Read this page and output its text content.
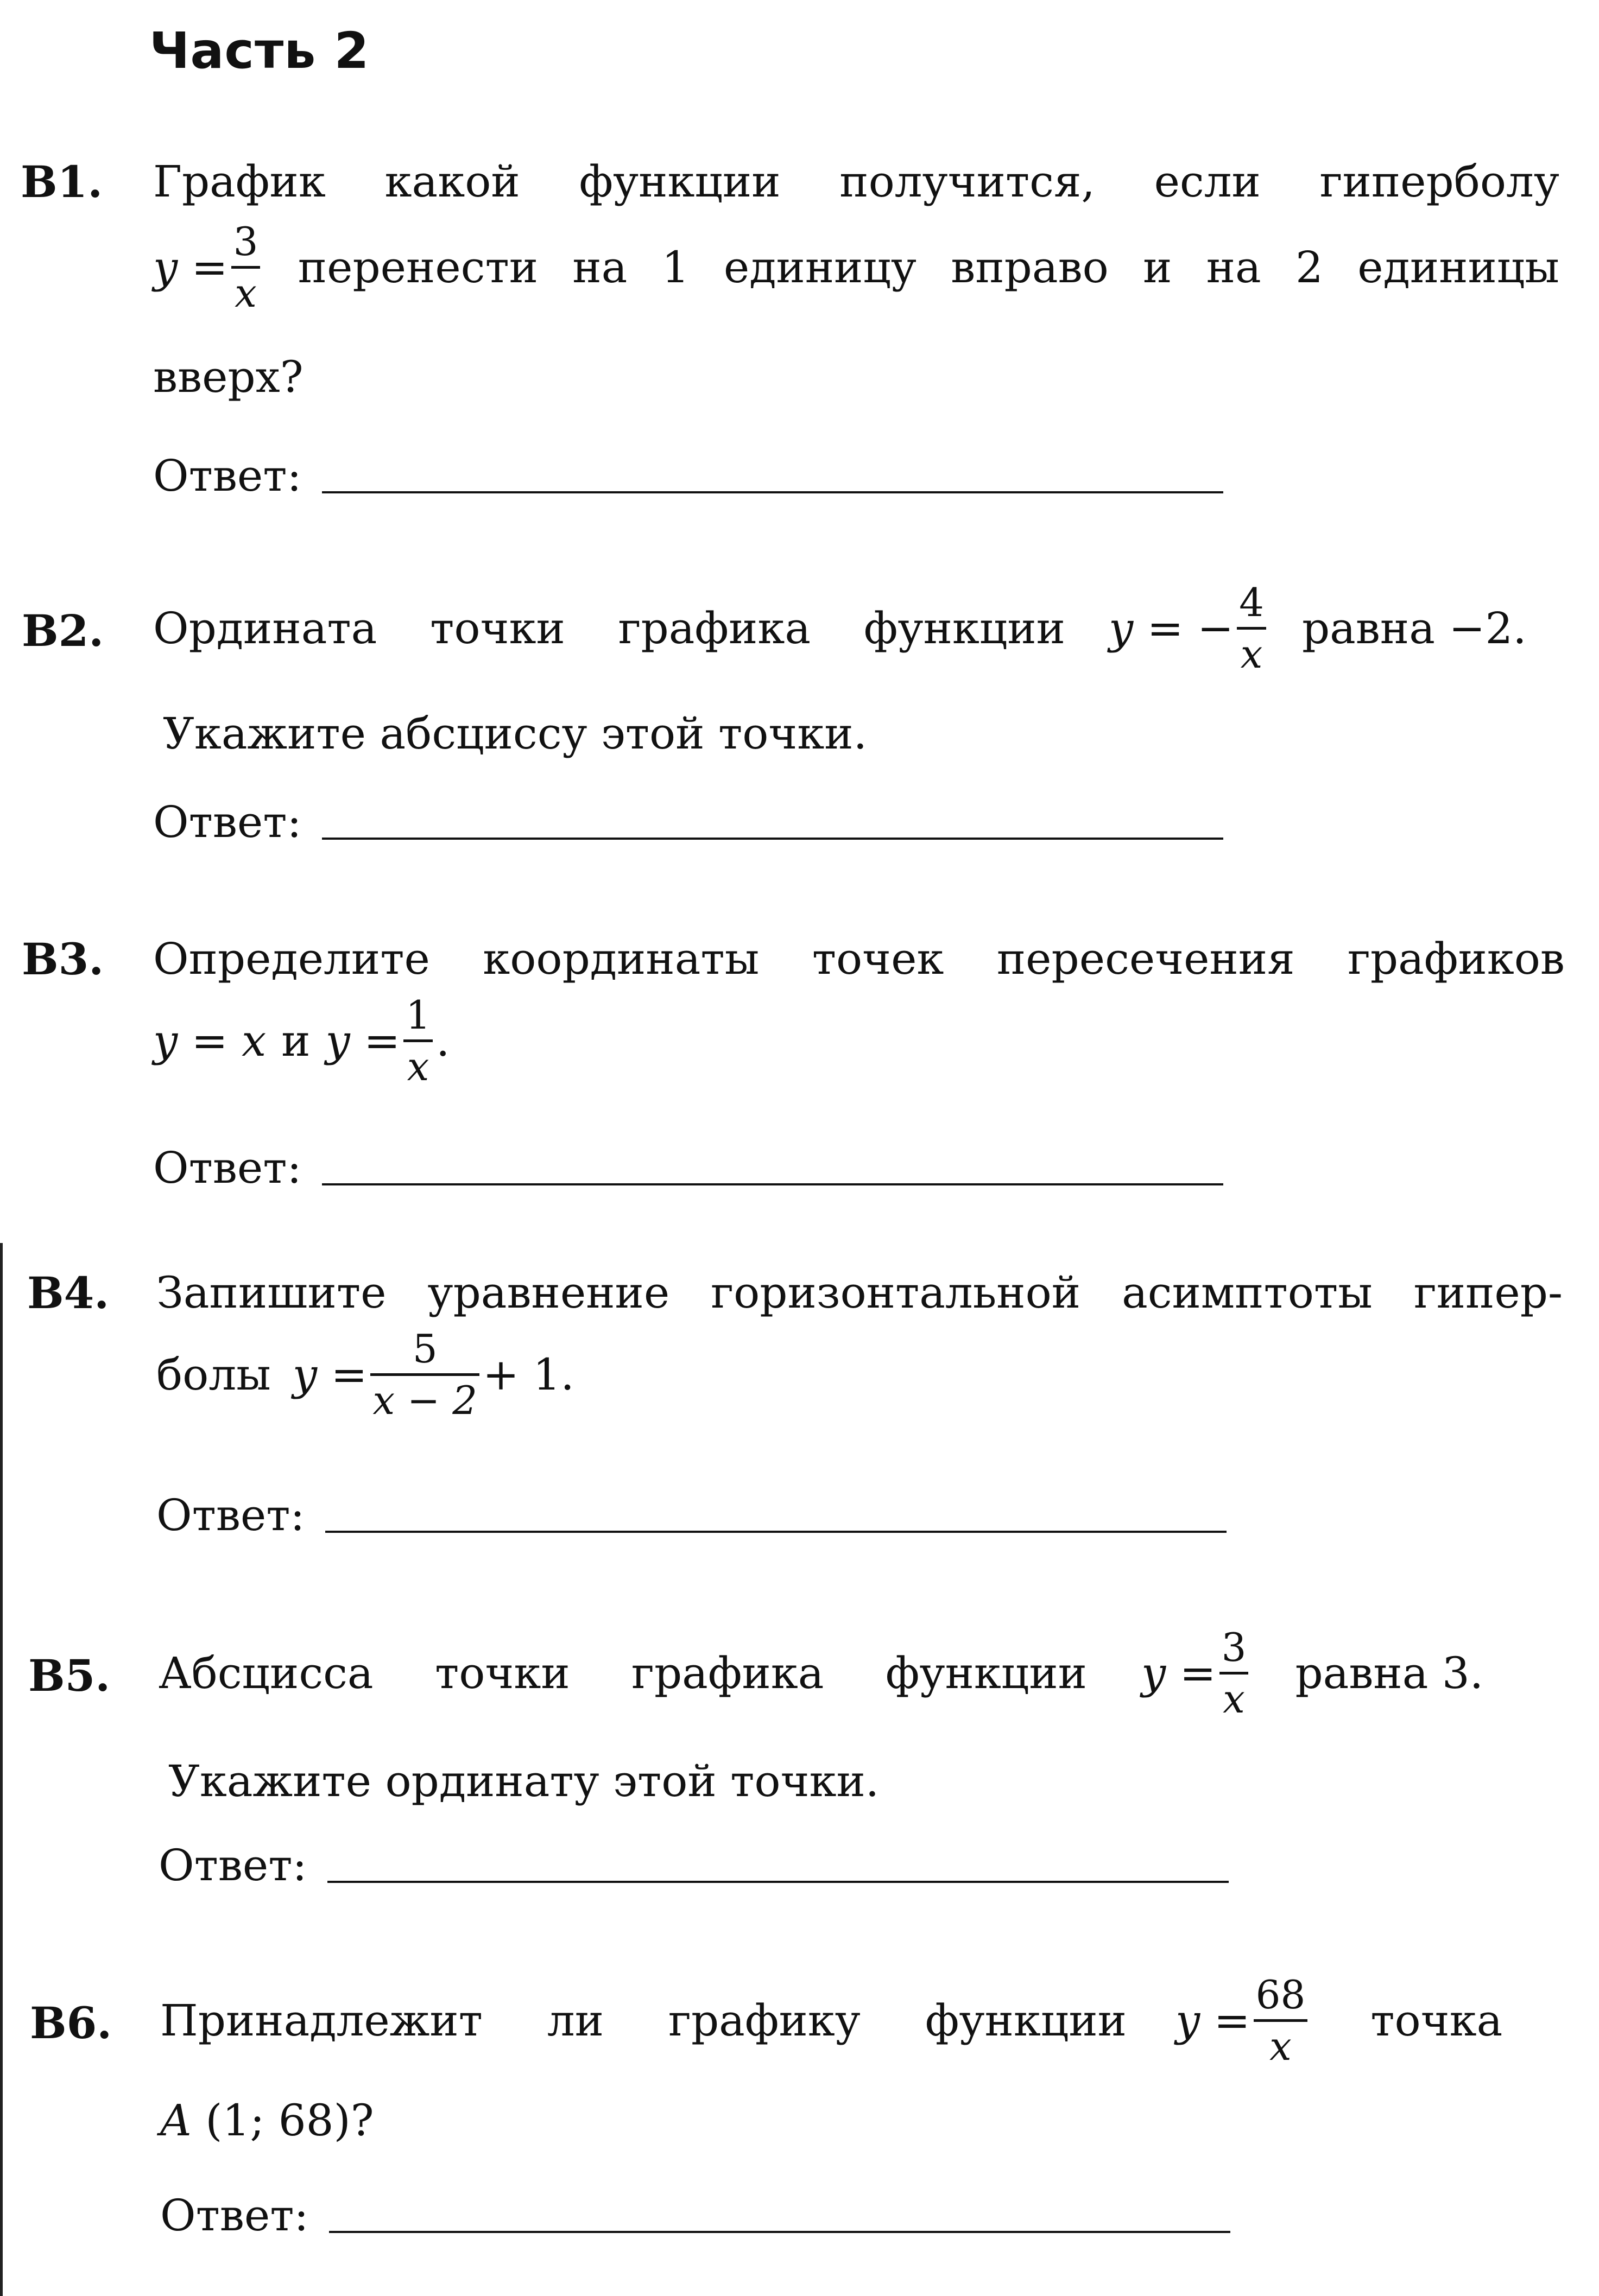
Часть 2
В1. График какой функции получится, если гиперболу
y =
3
x
перенести на 1 единицу вправо и на 2 единицы
вверх?
Ответ:
В2. Ордината точки графика функции y = −
4
x
равна −2.
Укажите абсциссу этой точки.
Ответ:
В3. Определите координаты точек пересечения графиков
y = x и y =
1
x
.
Ответ:
В4. Запишите уравнение горизонтальной асимптоты гипер-
болы y =
5
x − 2
+ 1.
Ответ:
В5. Абсцисса точки графика функции y =
3
x
равна 3.
Укажите ординату этой точки.
Ответ:
В6. Принадлежит ли графику функции y =
68
x
точка
A (1; 68)?
Ответ:
